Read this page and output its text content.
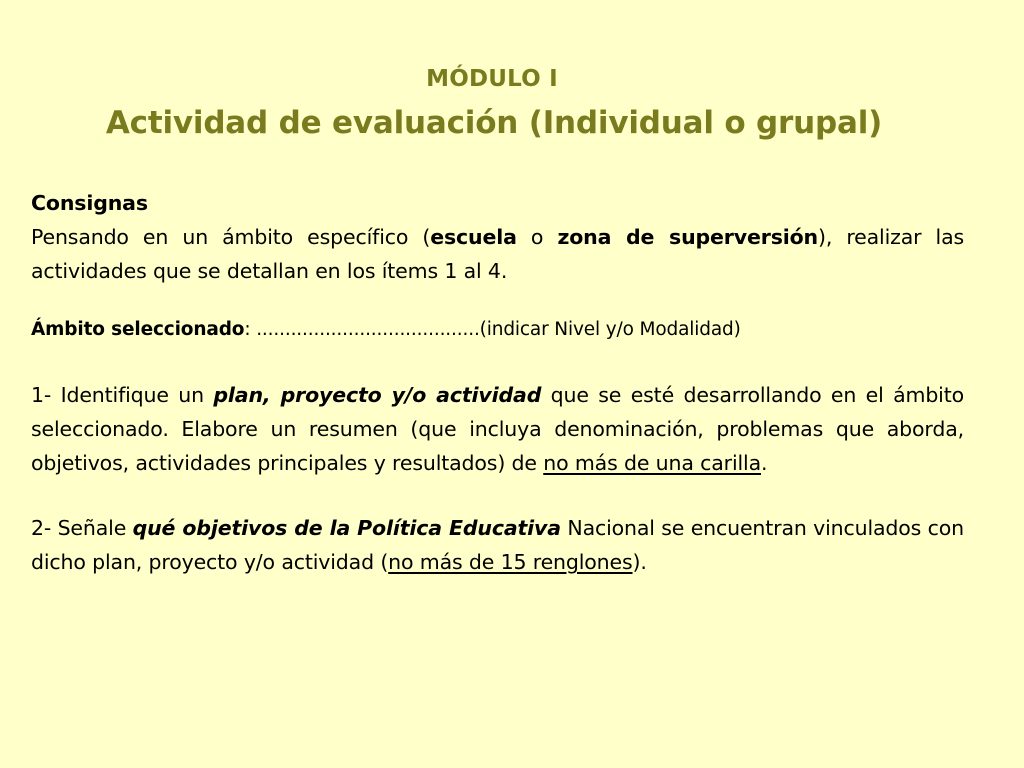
MÓDULO I
Actividad de evaluación (Individual o grupal)

Consignas

Pensando en un ámbito específico (escuela o zona de superversión), realizar las actividades que se detallan en los ítems 1 al 4.

Ámbito seleccionado: .......................................(indicar Nivel y/o Modalidad)

1- Identifique un plan, proyecto y/o actividad que se esté desarrollando en el ámbito seleccionado. Elabore un resumen (que incluya denominación, problemas que aborda, objetivos, actividades principales y resultados) de no más de una carilla.

2- Señale qué objetivos de la Política Educativa Nacional se encuentran vinculados con dicho plan, proyecto y/o actividad (no más de 15 renglones).
